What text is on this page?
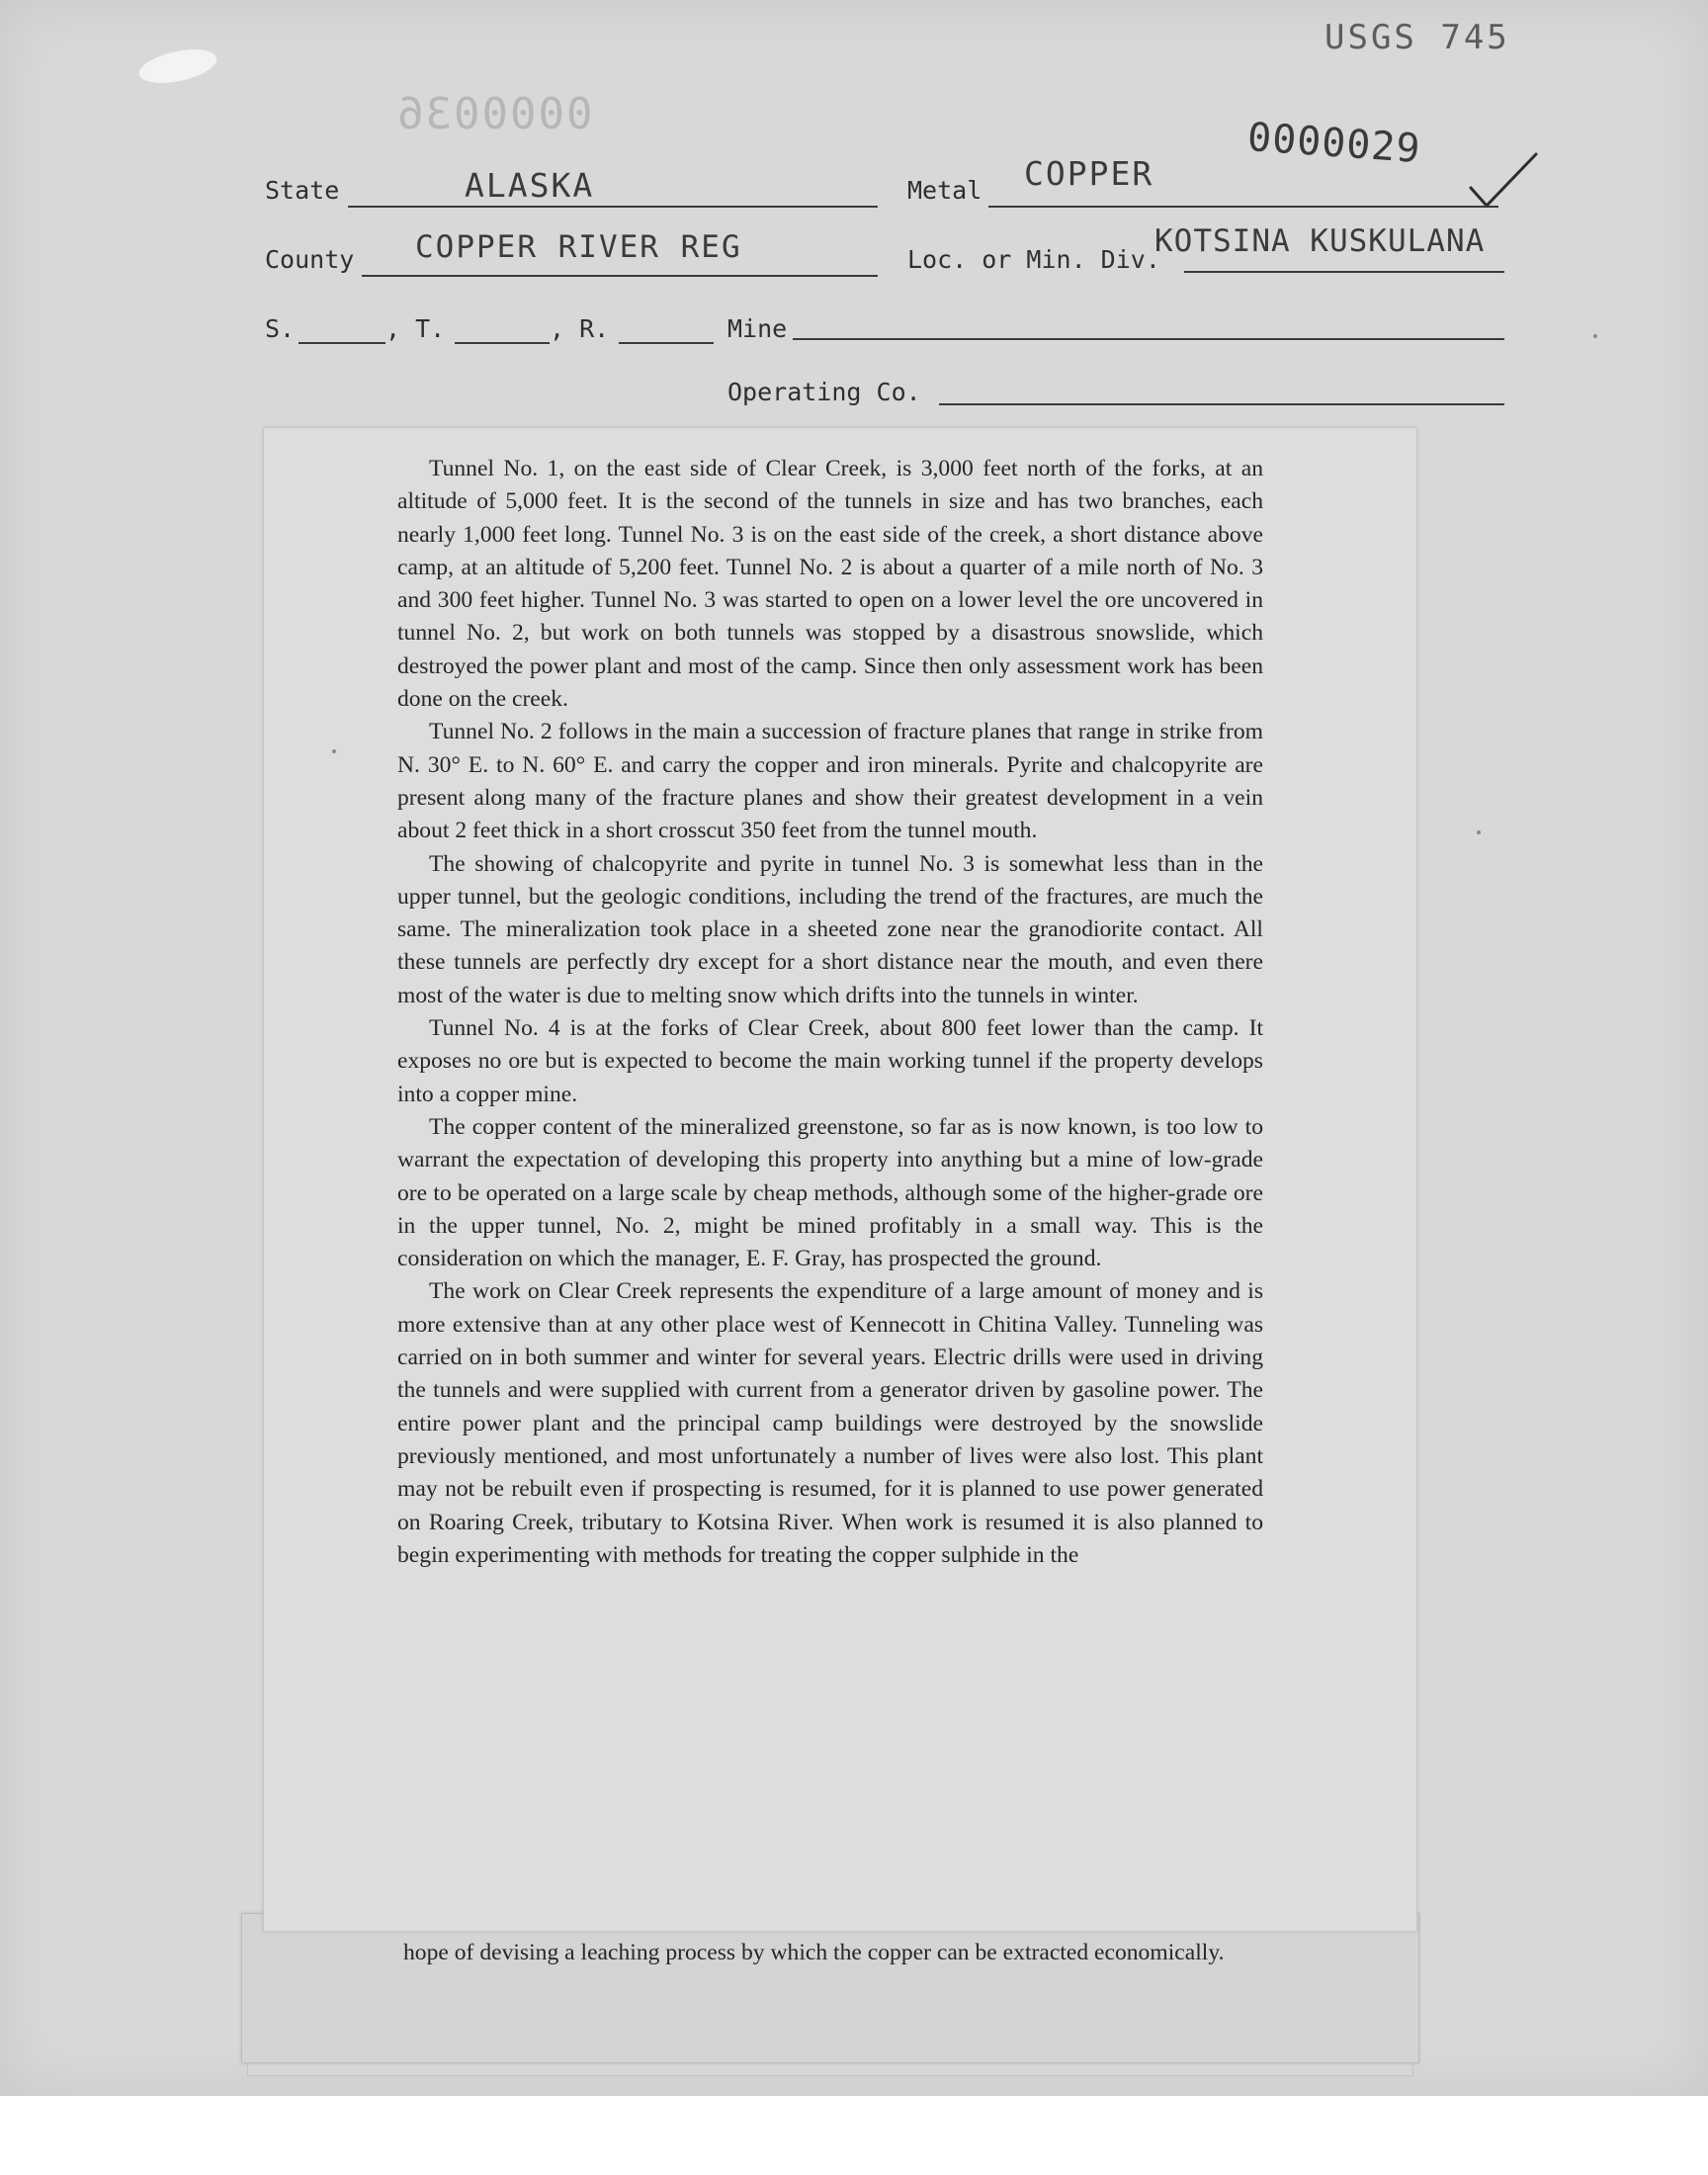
USGS 745
0000036
0000029
State	ALASKA	Metal COPPER
County COPPER RIVER REG	Loc. or Min. Div.
KOTSINA KUSKULANA
S.	, T.	, R.	Mine
Operating Co.

Tunnel No. 1, on the east side of Clear Creek, is 3,000 feet north of the forks, at an altitude of 5,000 feet. It is the second of the tunnels in size and has two branches, each nearly 1,000 feet long. Tunnel No. 3 is on the east side of the creek, a short distance above camp, at an altitude of 5,200 feet. Tunnel No. 2 is about a quarter of a mile north of No. 3 and 300 feet higher. Tunnel No. 3 was started to open on a lower level the ore uncovered in tunnel No. 2, but work on both tunnels was stopped by a disastrous snowslide, which destroyed the power plant and most of the camp. Since then only assessment work has been done on the creek.

Tunnel No. 2 follows in the main a succession of fracture planes that range in strike from N. 30° E. to N. 60° E. and carry the copper and iron minerals. Pyrite and chalcopyrite are present along many of the fracture planes and show their greatest development in a vein about 2 feet thick in a short crosscut 350 feet from the tunnel mouth.

The showing of chalcopyrite and pyrite in tunnel No. 3 is somewhat less than in the upper tunnel, but the geologic conditions, including the trend of the fractures, are much the same. The mineralization took place in a sheeted zone near the granodiorite contact. All these tunnels are perfectly dry except for a short distance near the mouth, and even there most of the water is due to melting snow which drifts into the tunnels in winter.

Tunnel No. 4 is at the forks of Clear Creek, about 800 feet lower than the camp. It exposes no ore but is expected to become the main working tunnel if the property develops into a copper mine.

The copper content of the mineralized greenstone, so far as is now known, is too low to warrant the expectation of developing this property into anything but a mine of low-grade ore to be operated on a large scale by cheap methods, although some of the higher-grade ore in the upper tunnel, No. 2, might be mined profitably in a small way. This is the consideration on which the manager, E. F. Gray, has prospected the ground.

The work on Clear Creek represents the expenditure of a large amount of money and is more extensive than at any other place west of Kennecott in Chitina Valley. Tunneling was carried on in both summer and winter for several years. Electric drills were used in driving the tunnels and were supplied with current from a generator driven by gasoline power. The entire power plant and the principal camp buildings were destroyed by the snowslide previously mentioned, and most unfortunately a number of lives were also lost. This plant may not be rebuilt even if prospecting is resumed, for it is planned to use power generated on Roaring Creek, tributary to Kotsina River. When work is resumed it is also planned to begin experimenting with methods for treating the copper sulphide in the

hope of devising a leaching process by which the copper can be extracted economically.
